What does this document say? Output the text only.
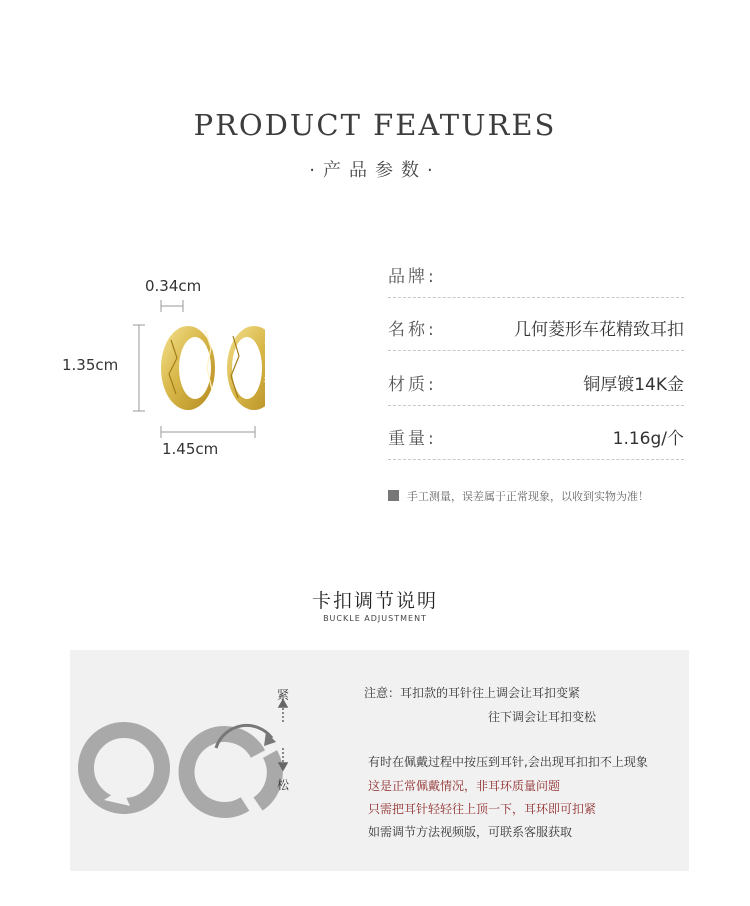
PRODUCT FEATURES
·产品参数·
0.34cm
1.35cm
1.45cm
品牌:
名称:	几何菱形车花精致耳扣
材质:	铜厚镀14K金
重量:	1.16g/个
手工测量，误差属于正常现象，以收到实物为准！
卡扣调节说明
BUCKLE ADJUSTMENT
紧
松
注意：耳扣款的耳针往上调会让耳扣变紧
往下调会让耳扣变松
有时在佩戴过程中按压到耳针,会出现耳扣扣不上现象
这是正常佩戴情况，非耳环质量问题
只需把耳针轻轻往上顶一下，耳环即可扣紧
如需调节方法视频版，可联系客服获取
